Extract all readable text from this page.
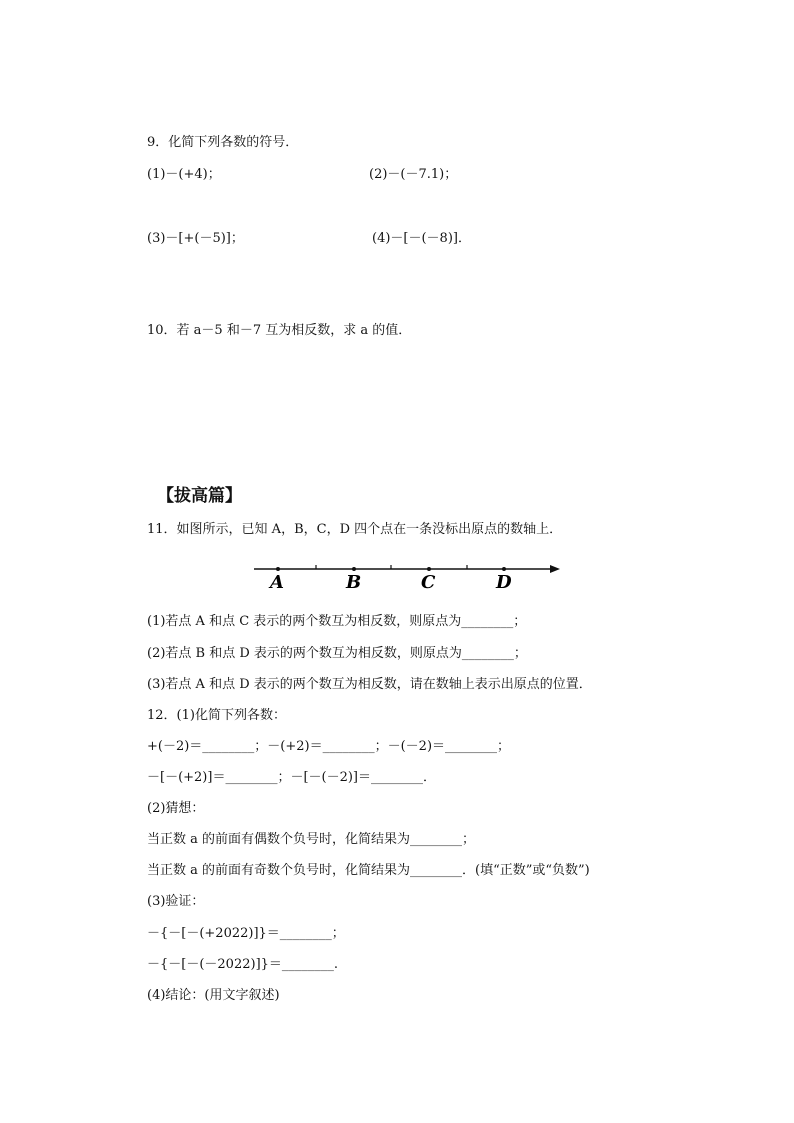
9．化简下列各数的符号．
(1)－(+4)；	(2)－(－7.1)；
(3)－[+(－5)]；	(4)－[－(－8)]．
10．若 a－5 和－7 互为相反数，求 a 的值．
【拔高篇】
11．如图所示，已知 A，B，C，D 四个点在一条没标出原点的数轴上．
A	B	C	D
(1)若点 A 和点 C 表示的两个数互为相反数，则原点为________；
(2)若点 B 和点 D 表示的两个数互为相反数，则原点为________；
(3)若点 A 和点 D 表示的两个数互为相反数，请在数轴上表示出原点的位置．
12．(1)化简下列各数：
+(－2)＝________；－(+2)＝________；－(－2)＝________；
－[－(+2)]＝________；－[－(－2)]＝________．
(2)猜想：
当正数 a 的前面有偶数个负号时，化简结果为________；
当正数 a 的前面有奇数个负号时，化简结果为________．(填“正数”或“负数”)
(3)验证：
－{－[－(+2022)]}＝________；
－{－[－(－2022)]}＝________.
(4)结论：(用文字叙述)
